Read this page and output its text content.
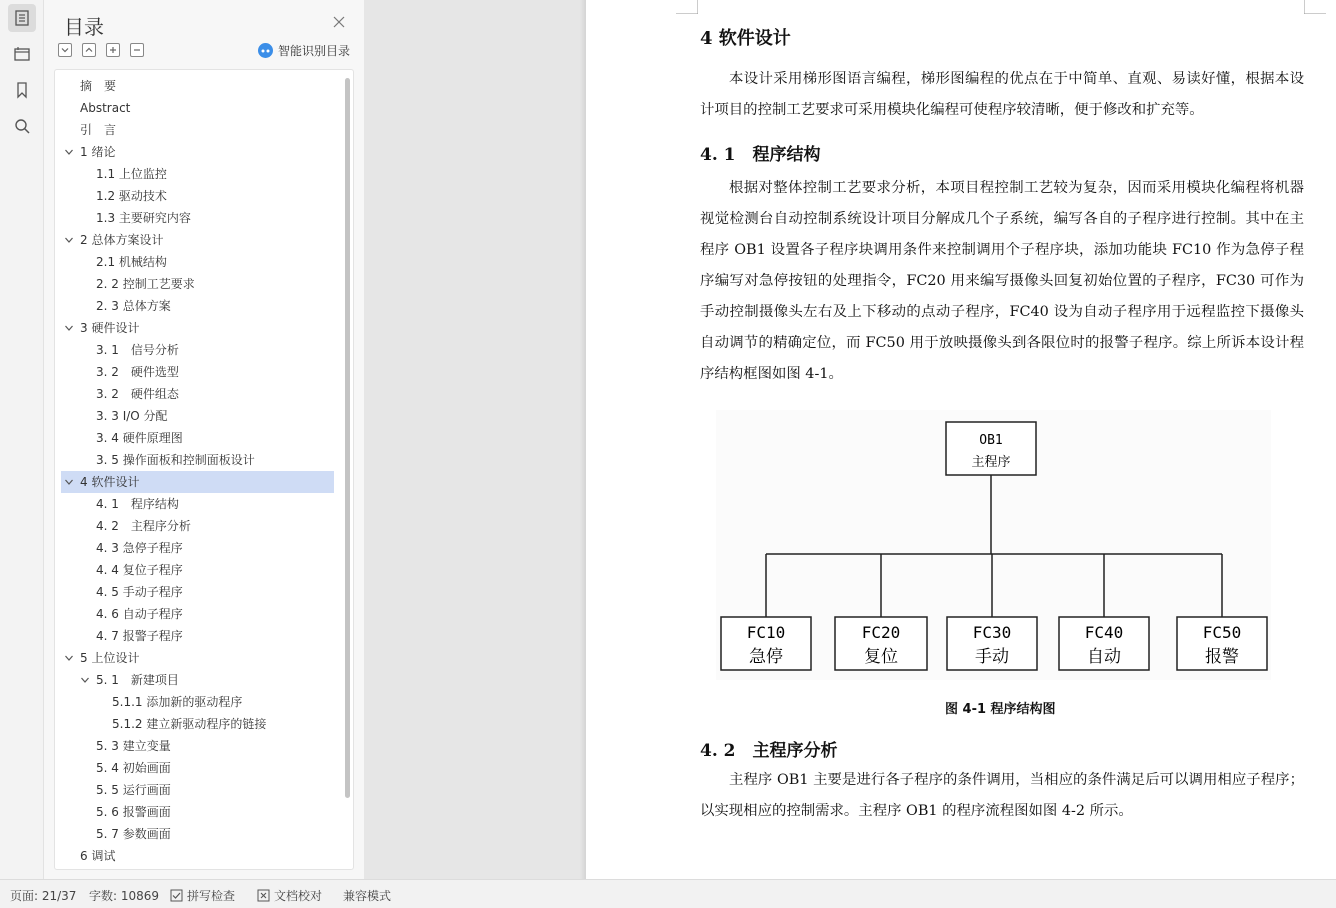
目录
智能识别目录
摘　要
Abstract
引　言
1 绪论
1.1 上位监控
1.2 驱动技术
1.3 主要研究内容
2 总体方案设计
2.1 机械结构
2. 2 控制工艺要求
2. 3 总体方案
3 硬件设计
3. 1　信号分析
3. 2　硬件选型
3. 2　硬件组态
3. 3 I/O 分配
3. 4 硬件原理图
3. 5 操作面板和控制面板设计
4 软件设计
4. 1　程序结构
4. 2　主程序分析
4. 3 急停子程序
4. 4 复位子程序
4. 5 手动子程序
4. 6 自动子程序
4. 7 报警子程序
5 上位设计
5. 1　新建项目
5.1.1 添加新的驱动程序
5.1.2 建立新驱动程序的链接
5. 3 建立变量
5. 4 初始画面
5. 5 运行画面
5. 6 报警画面
5. 7 参数画面
6 调试
4 软件设计
本设计采用梯形图语言编程，梯形图编程的优点在于中简单、直观、易读好懂，根据本设计项目的控制工艺要求可采用模块化编程可使程序较清晰，便于修改和扩充等。
4. 1　程序结构
根据对整体控制工艺要求分析，本项目程控制工艺较为复杂，因而采用模块化编程将机器视觉检测台自动控制系统设计项目分解成几个子系统，编写各自的子程序进行控制。其中在主程序 OB1 设置各子程序块调用条件来控制调用个子程序块，添加功能块 FC10 作为急停子程序编写对急停按钮的处理指令，FC20 用来编写摄像头回复初始位置的子程序，FC30 可作为手动控制摄像头左右及上下移动的点动子程序，FC40 设为自动子程序用于远程监控下摄像头自动调节的精确定位，而 FC50 用于放映摄像头到各限位时的报警子程序。综上所诉本设计程序结构框图如图 4-1。
OB1
主程序
FC10
急停
FC20
复位
FC30
手动
FC40
自动
FC50
报警
图 4-1 程序结构图
4. 2　主程序分析
主程序 OB1 主要是进行各子程序的条件调用，当相应的条件满足后可以调用相应子程序；以实现相应的控制需求。主程序 OB1 的程序流程图如图 4-2 所示。
页面: 21/37 字数: 10869 拼写检查	文档校对 兼容模式
